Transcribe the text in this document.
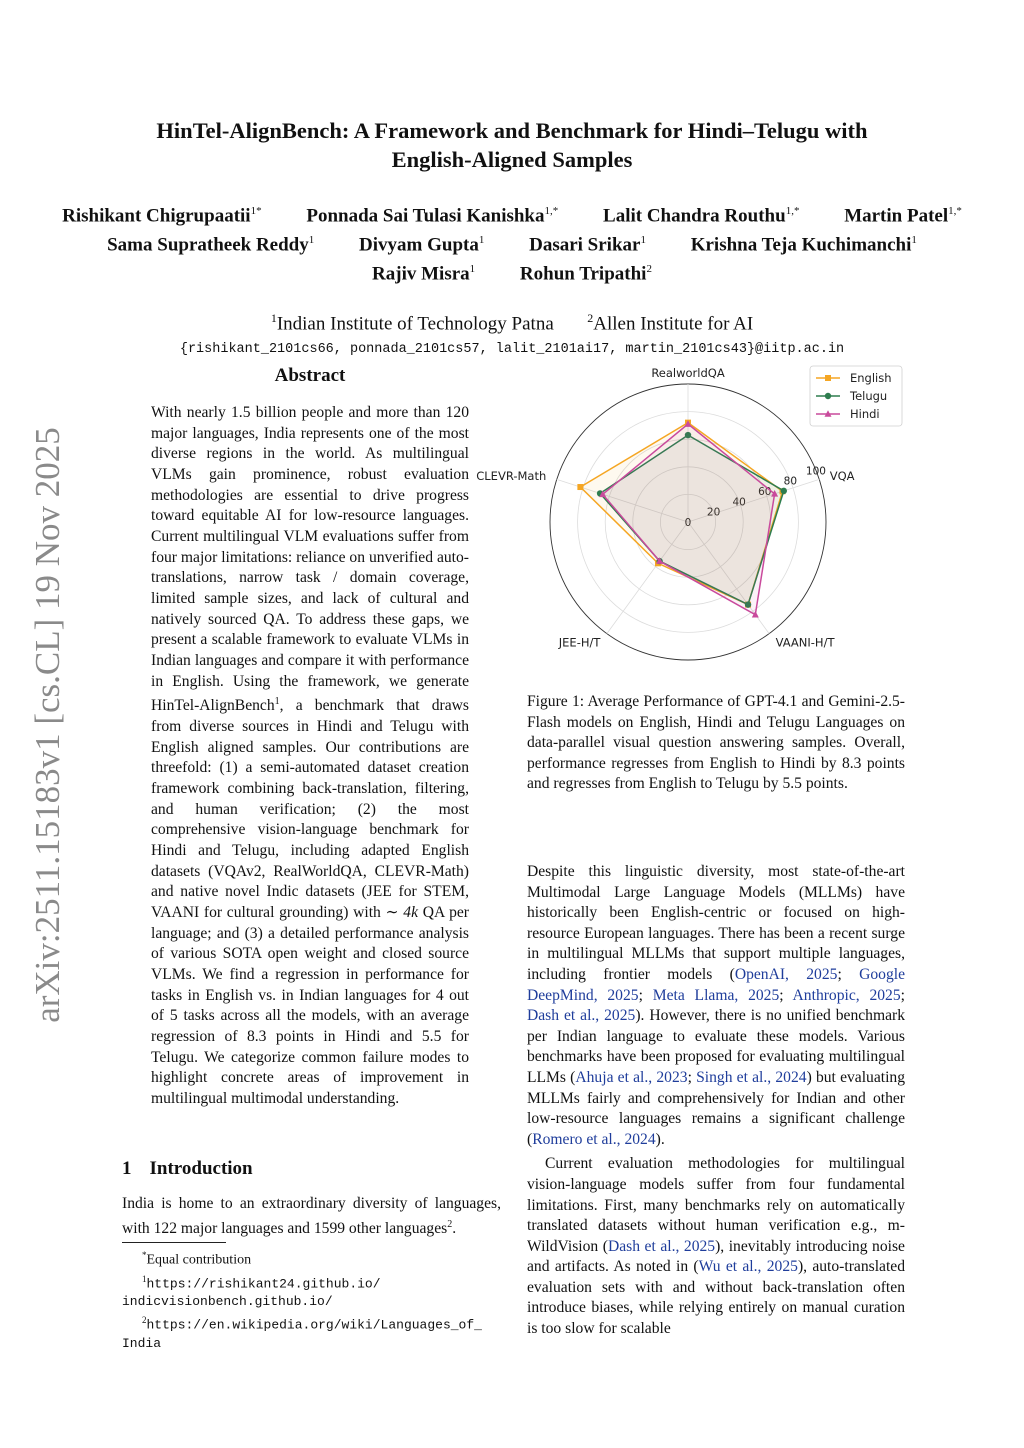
HinTel-AlignBench: A Framework and Benchmark for Hindi–Telugu with
English-Aligned Samples
Rishikant Chigrupaatii$^{1*}$ Ponnada Sai Tulasi Kanishka$^{1,*}$ Lalit Chandra Routhu$^{1,*}$ Martin Patel$^{1,*}$
Sama Supratheek Reddy$^1$ Divyam Gupta$^1$ Dasari Srikar$^1$ Krishna Teja Kuchimanchi$^1$
Rajiv Misra$^1$ Rohun Tripathi$^2$
$^1$Indian Institute of Technology Patna	$^2$Allen Institute for AI
{rishikant_2101cs66, ponnada_2101cs57, lalit_2101ai17, martin_2101cs43}@iitp.ac.in
arXiv:2511.15183v1 [cs.CL] 19 Nov 2025
Abstract
With nearly 1.5 billion people and more than 120 major languages, India represents one of the most diverse regions in the world. As multilingual VLMs gain prominence, robust evaluation methodologies are essential to drive progress toward equitable AI for low-resource languages. Current multilingual VLM evaluations suffer from four major limitations: reliance on unverified auto-translations, narrow task / domain coverage, limited sample sizes, and lack of cultural and natively sourced QA. To address these gaps, we present a scalable framework to evaluate VLMs in Indian languages and compare it with performance in English. Using the framework, we generate HinTel-AlignBench$^1$, a benchmark that draws from diverse sources in Hindi and Telugu with English aligned samples. Our contributions are threefold: (1) a semi-automated dataset creation framework combining back-translation, filtering, and human verification; (2) the most comprehensive vision-language benchmark for Hindi and Telugu, including adapted English datasets (VQAv2, RealWorldQA, CLEVR-Math) and native novel Indic datasets (JEE for STEM, VAANI for cultural grounding) with ∼ 4k QA per language; and (3) a detailed performance analysis of various SOTA open weight and closed source VLMs. We find a regression in performance for tasks in English vs. in Indian languages for 4 out of 5 tasks across all the models, with an average regression of 8.3 points in Hindi and 5.5 for Telugu. We categorize common failure modes to highlight concrete areas of improvement in multilingual multimodal understanding.
1 Introduction
India is home to an extraordinary diversity of languages, with 122 major languages and 1599 other languages$^2$.
*Equal contribution
$^1$https://rishikant24.github.io/
indicvisionbench.github.io/
$^2$https://en.wikipedia.org/wiki/Languages_of_
India
0
20
40
60
80
100
RealworldQA
VQA
VAANI-H/T
JEE-H/T
CLEVR-Math
English
Telugu
Hindi
Figure 1: Average Performance of GPT-4.1 and Gemini-2.5-Flash models on English, Hindi and Telugu Languages on data-parallel visual question answering samples. Overall, performance regresses from English to Hindi by 8.3 points and regresses from English to Telugu by 5.5 points.

Despite this linguistic diversity, most state-of-the-art Multimodal Large Language Models (MLLMs) have historically been English-centric or focused on high-resource European languages. There has been a recent surge in multilingual MLLMs that support multiple languages, including frontier models (OpenAI, 2025; Google DeepMind, 2025; Meta Llama, 2025; Anthropic, 2025; Dash et al., 2025). However, there is no unified benchmark per Indian language to evaluate these models. Various benchmarks have been proposed for evaluating multilingual LLMs (Ahuja et al., 2023; Singh et al., 2024) but evaluating MLLMs fairly and comprehensively for Indian and other low-resource languages remains a significant challenge (Romero et al., 2024).

Current evaluation methodologies for multilingual vision-language models suffer from four fundamental limitations. First, many benchmarks rely on automatically translated datasets without human verification e.g., m-WildVision (Dash et al., 2025), inevitably introducing noise and artifacts. As noted in (Wu et al., 2025), auto-translated evaluation sets with and without back-translation often introduce biases, while relying entirely on manual curation is too slow for scalable
